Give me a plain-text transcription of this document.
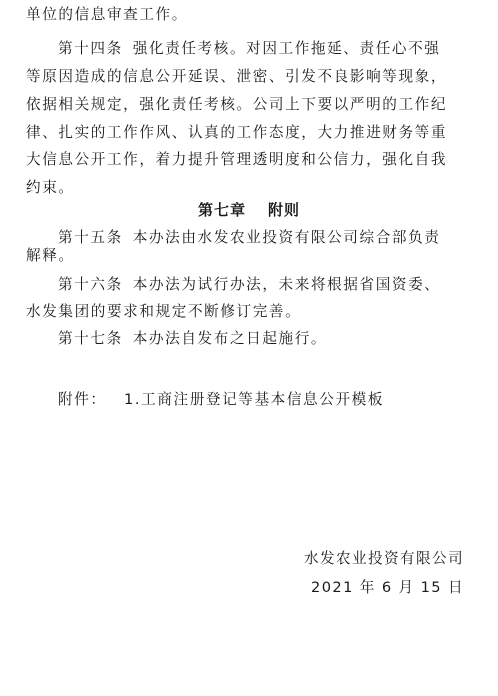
单位的信息审查工作。
第十四条 强化责任考核。对因工作拖延、责任心不强
等原因造成的信息公开延误、泄密、引发不良影响等现象，
依据相关规定，强化责任考核。公司上下要以严明的工作纪
律、扎实的工作作风、认真的工作态度，大力推进财务等重
大信息公开工作，着力提升管理透明度和公信力，强化自我
约束。
第七章 附则
第十五条 本办法由水发农业投资有限公司综合部负责
解释。
第十六条 本办法为试行办法，未来将根据省国资委、
水发集团的要求和规定不断修订完善。
第十七条 本办法自发布之日起施行。
附件： 1.工商注册登记等基本信息公开模板
水发农业投资有限公司
2021 年 6 月 15 日
